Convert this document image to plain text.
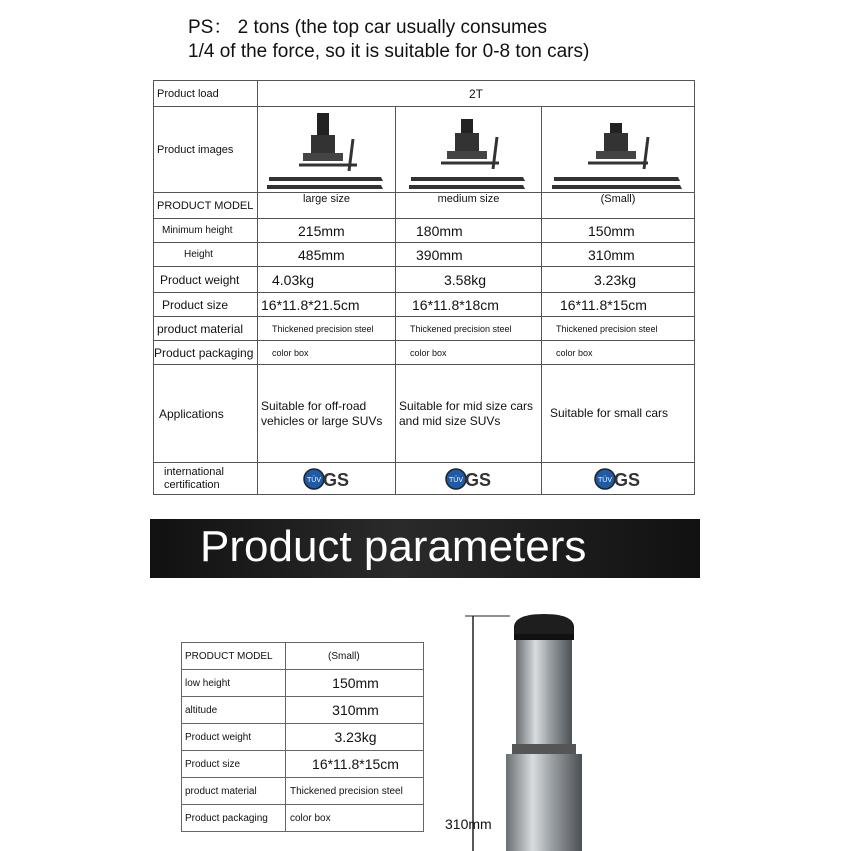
PS： 2 tons (the top car usually consumes
1/4 of the force, so it is suitable for 0-8 ton cars)
Product load	2T		
Product images	

PRODUCT MODEL	large size	medium size	(Small)
Minimum height	215mm	180mm	150mm
Height	485mm	390mm	310mm
Product weight	4.03kg	3.58kg	3.23kg
Product size	16*11.8*21.5cm	16*11.8*18cm	16*11.8*15cm
product material	Thickened precision steel	Thickened precision steel	Thickened precision steel
Product packaging	color box	color box	color box
Applications	Suitable for off-road vehicles or large SUVs	Suitable for mid size cars and mid size SUVs	Suitable for small cars
international certification	TÜV GS	TÜV GS	TÜV GS
Product parameters
PRODUCT MODEL	(Small)
low height	150mm
altitude	310mm
Product weight	3.23kg
Product size	16*11.8*15cm
product material	Thickened precision steel
Product packaging	color box	310mm
